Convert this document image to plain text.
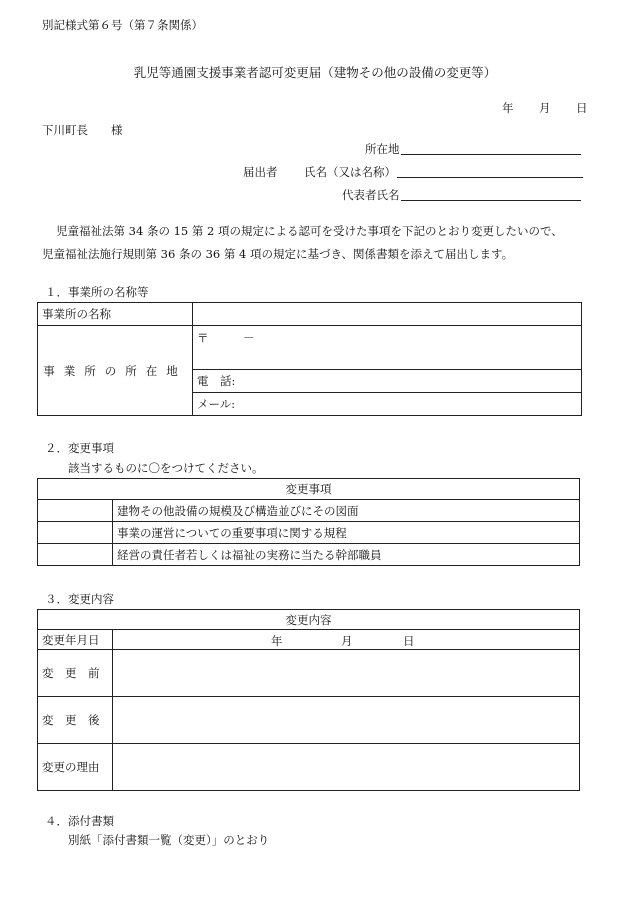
別記様式第６号（第７条関係）
乳児等通園支援事業者認可変更届（建物その他の設備の変更等）
年 月 日
下川町長　　様
所在地
届出者 氏名（又は名称）
代表者氏名
児童福祉法第 34 条の 15 第 2 項の規定による認可を受けた事項を下記のとおり変更したいので、
児童福祉法施行規則第 36 条の 36 第 4 項の規定に基づき、関係書類を添えて届出します。
１．事業所の名称等
事業所の名称	
事業所の所在地	〒　　　－
	電　話:
	メール:
２．変更事項
該当するものに〇をつけてください。
変更事項	
	建物その他設備の規模及び構造並びにその図面
	事業の運営についての重要事項に関する規程
	経営の責任者若しくは福祉の実務に当たる幹部職員
３．変更内容
変更内容	
変更年月日	年 月 日

変　更　前	
変　更　後	
変更の理由	
４．添付書類
別紙「添付書類一覧（変更）」のとおり
